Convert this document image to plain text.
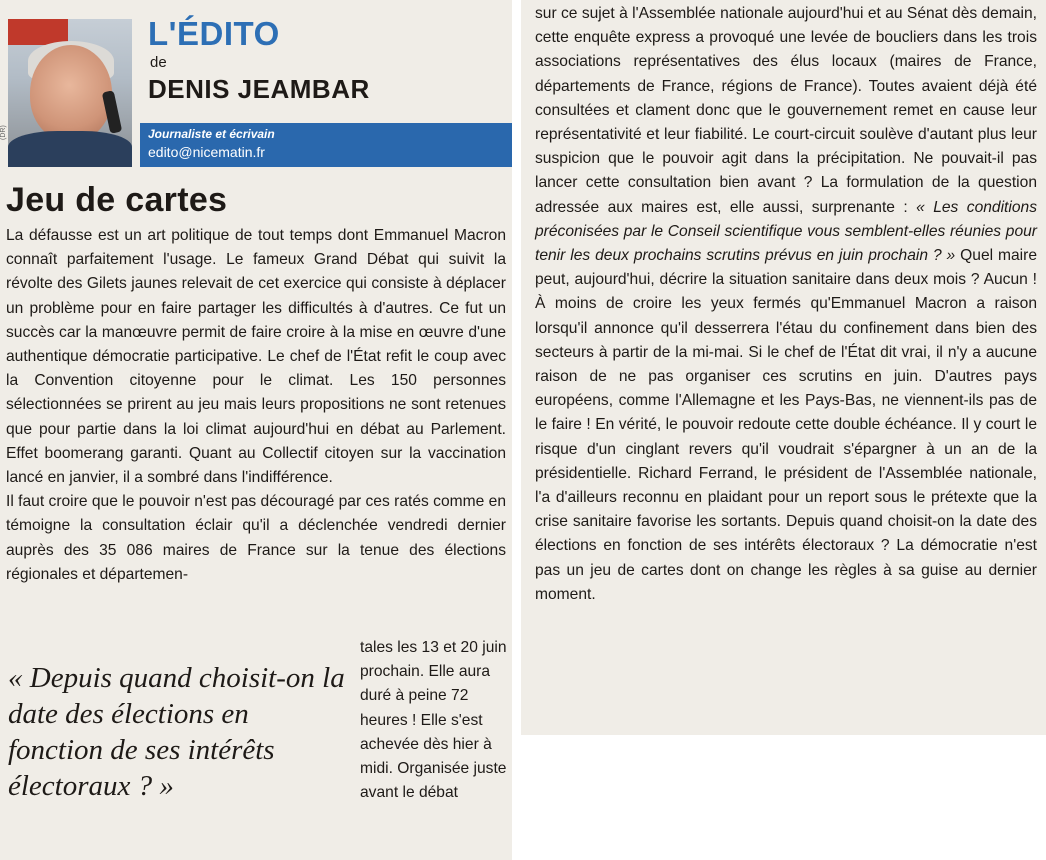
(DR)
L'ÉDITO
de
DENIS JEAMBAR
Journaliste et écrivain
edito@nicematin.fr
Jeu de cartes

La défausse est un art politique de tout temps dont Emmanuel Macron connaît parfaitement l'usage. Le fameux Grand Débat qui suivit la révolte des Gilets jaunes relevait de cet exercice qui consiste à déplacer un problème pour en faire partager les difficultés à d'autres. Ce fut un succès car la manœuvre permit de faire croire à la mise en œuvre d'une authentique démocratie participative. Le chef de l'État refit le coup avec la Convention citoyenne pour le climat. Les 150 personnes sélectionnées se prirent au jeu mais leurs propositions ne sont retenues que pour partie dans la loi climat aujourd'hui en débat au Parlement. Effet boomerang garanti. Quant au Collectif citoyen sur la vaccination lancé en janvier, il a sombré dans l'indifférence.

Il faut croire que le pouvoir n'est pas découragé par ces ratés comme en témoigne la consultation éclair qu'il a déclenchée vendredi dernier auprès des 35 086 maires de France sur la tenue des élections régionales et départemen-

« Depuis quand choisit-on la date des élections en fonction de ses intérêts électoraux ? »

tales les 13 et 20 juin prochain. Elle aura duré à peine 72 heures ! Elle s'est achevée dès hier à midi. Organisée juste avant le débat

sur ce sujet à l'Assemblée nationale aujourd'hui et au Sénat dès demain, cette enquête express a provoqué une levée de boucliers dans les trois associations représentatives des élus locaux (maires de France, départements de France, régions de France). Toutes avaient déjà été consultées et clament donc que le gouvernement remet en cause leur représentativité et leur fiabilité. Le court-circuit soulève d'autant plus leur suspicion que le pouvoir agit dans la précipitation. Ne pouvait-il pas lancer cette consultation bien avant ? La formulation de la question adressée aux maires est, elle aussi, surprenante : « Les conditions préconisées par le Conseil scientifique vous semblent-elles réunies pour tenir les deux prochains scrutins prévus en juin prochain ? » Quel maire peut, aujourd'hui, décrire la situation sanitaire dans deux mois ? Aucun ! À moins de croire les yeux fermés qu'Emmanuel Macron a raison lorsqu'il annonce qu'il desserrera l'étau du confinement dans bien des secteurs à partir de la mi-mai. Si le chef de l'État dit vrai, il n'y a aucune raison de ne pas organiser ces scrutins en juin. D'autres pays européens, comme l'Allemagne et les Pays-Bas, ne viennent-ils pas de le faire ! En vérité, le pouvoir redoute cette double échéance. Il y court le risque d'un cinglant revers qu'il voudrait s'épargner à un an de la présidentielle. Richard Ferrand, le président de l'Assemblée nationale, l'a d'ailleurs reconnu en plaidant pour un report sous le prétexte que la crise sanitaire favorise les sortants. Depuis quand choisit-on la date des élections en fonction de ses intérêts électoraux ? La démocratie n'est pas un jeu de cartes dont on change les règles à sa guise au dernier moment.
